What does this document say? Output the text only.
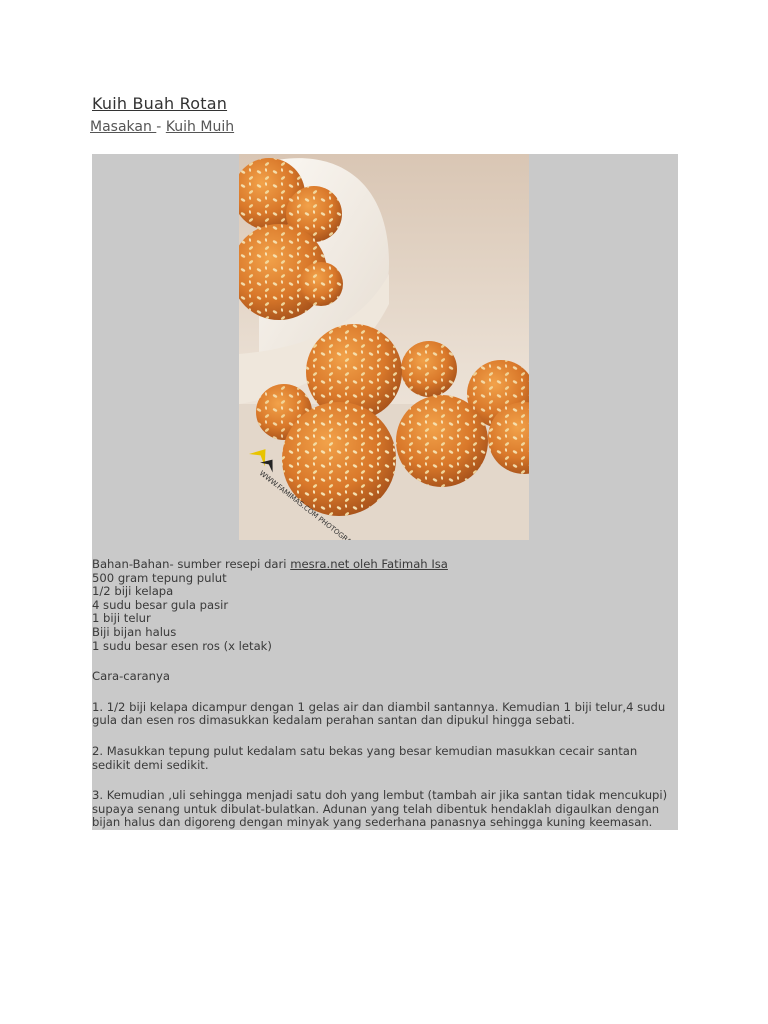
Kuih Buah Rotan
Masakan - Kuih Muih
WWW.FAMIMAS.COM

Bahan-Bahan- sumber resepi dari mesra.net oleh Fatimah Isa

500 gram tepung pulut

1/2 biji kelapa

4 sudu besar gula pasir

1 biji telur

Biji bijan halus

1 sudu besar esen ros (x letak)

Cara-caranya

1. 1/2 biji kelapa dicampur dengan 1 gelas air dan diambil santannya. Kemudian 1 biji telur,4 sudu gula dan esen ros dimasukkan kedalam perahan santan dan dipukul hingga sebati.

2. Masukkan tepung pulut kedalam satu bekas yang besar kemudian masukkan cecair santan sedikit demi sedikit.

3. Kemudian ,uli sehingga menjadi satu doh yang lembut (tambah air jika santan tidak mencukupi) supaya senang untuk dibulat-bulatkan. Adunan yang telah dibentuk hendaklah digaulkan dengan bijan halus dan digoreng dengan minyak yang sederhana panasnya sehingga kuning keemasan.
